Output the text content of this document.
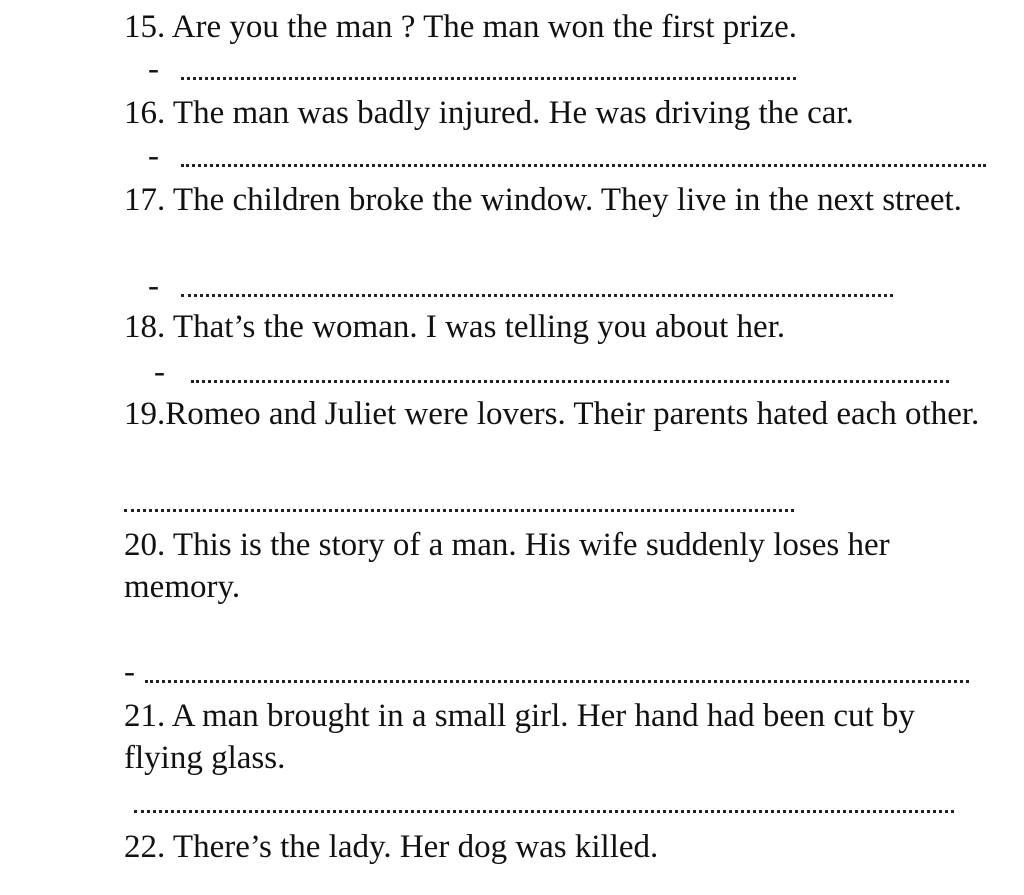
15. Are you the man ? The man won the first prize.

-

16. The man was badly injured. He was driving the car.

-

17. The children broke the window. They live in the next street.

-

18. That’s the woman. I was telling you about her.

-

19.Romeo and Juliet were lovers. Their parents hated each other.

20. This is the story of a man. His wife suddenly loses her memory.

-

21. A man brought in a small girl. Her hand had been cut by flying glass.

22. There’s the lady. Her dog was killed.
